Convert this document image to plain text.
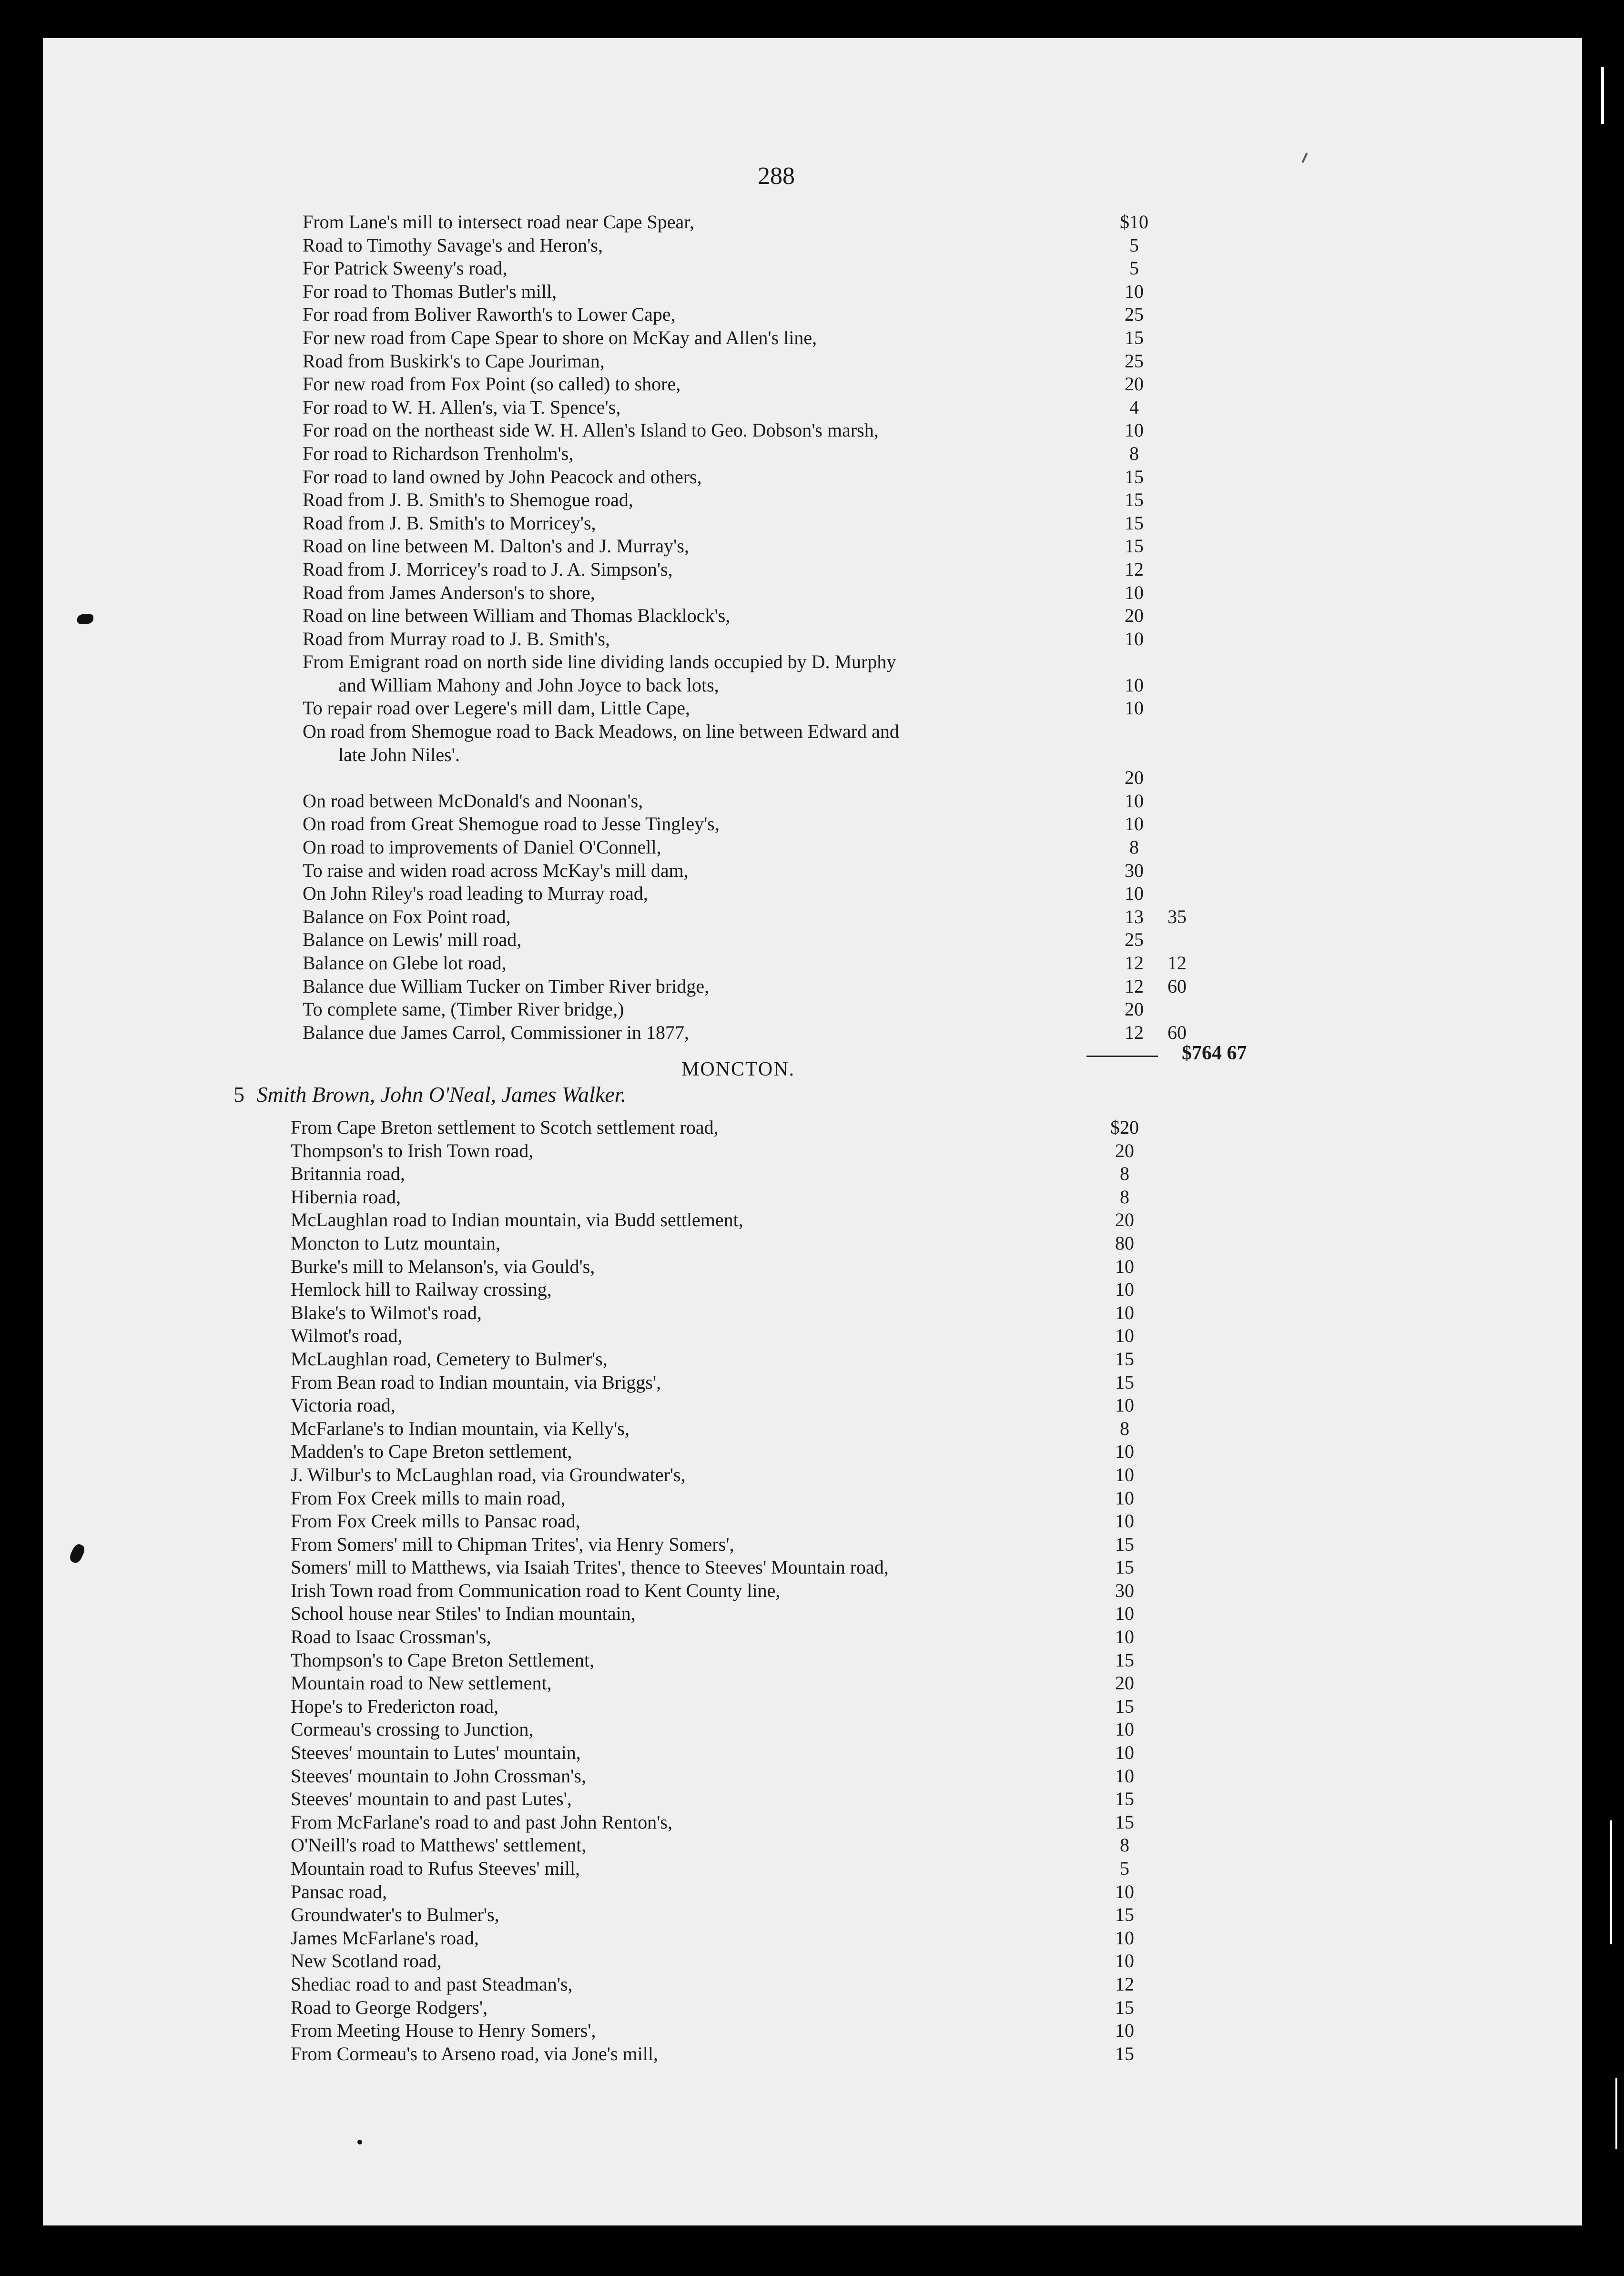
288
From Lane's mill to intersect road near Cape Spear,	$10
Road to Timothy Savage's and Heron's,	5
For Patrick Sweeny's road,	5
For road to Thomas Butler's mill,	10
For road from Boliver Raworth's to Lower Cape,	25
For new road from Cape Spear to shore on McKay and Allen's line,	15
Road from Buskirk's to Cape Jouriman,	25
For new road from Fox Point (so called) to shore,	20
For road to W. H. Allen's, via T. Spence's,	4
For road on the northeast side W. H. Allen's Island to Geo. Dobson's marsh,	10
For road to Richardson Trenholm's,	8
For road to land owned by John Peacock and others,	15
Road from J. B. Smith's to Shemogue road,	15
Road from J. B. Smith's to Morricey's,	15
Road on line between M. Dalton's and J. Murray's,	15
Road from J. Morricey's road to J. A. Simpson's,	12
Road from James Anderson's to shore,	10
Road on line between William and Thomas Blacklock's,	20
Road from Murray road to J. B. Smith's,	10
From Emigrant road on north side line dividing lands occupied by D. Murphy
and William Mahony and John Joyce to back lots,	10
To repair road over Legere's mill dam, Little Cape,	10
On road from Shemogue road to Back Meadows, on line between Edward and
late John Niles'.
20
On road between McDonald's and Noonan's,	10
On road from Great Shemogue road to Jesse Tingley's,	10
On road to improvements of Daniel O'Connell,	8
To raise and widen road across McKay's mill dam,	30
On John Riley's road leading to Murray road,	10
Balance on Fox Point road,	13	35
Balance on Lewis' mill road,	25
Balance on Glebe lot road,	12	12
Balance due William Tucker on Timber River bridge,	12	60
To complete same, (Timber River bridge,)	20
Balance due James Carrol, Commissioner in 1877,	12	60
$764 67
MONCTON.
5 Smith Brown, John O'Neal, James Walker.
From Cape Breton settlement to Scotch settlement road,	$20
Thompson's to Irish Town road,	20
Britannia road,	8
Hibernia road,	8
McLaughlan road to Indian mountain, via Budd settlement,	20
Moncton to Lutz mountain,	80
Burke's mill to Melanson's, via Gould's,	10
Hemlock hill to Railway crossing,	10
Blake's to Wilmot's road,	10
Wilmot's road,	10
McLaughlan road, Cemetery to Bulmer's,	15
From Bean road to Indian mountain, via Briggs',	15
Victoria road,	10
McFarlane's to Indian mountain, via Kelly's,	8
Madden's to Cape Breton settlement,	10
J. Wilbur's to McLaughlan road, via Groundwater's,	10
From Fox Creek mills to main road,	10
From Fox Creek mills to Pansac road,	10
From Somers' mill to Chipman Trites', via Henry Somers',	15
Somers' mill to Matthews, via Isaiah Trites', thence to Steeves' Mountain road,	15
Irish Town road from Communication road to Kent County line,	30
School house near Stiles' to Indian mountain,	10
Road to Isaac Crossman's,	10
Thompson's to Cape Breton Settlement,	15
Mountain road to New settlement,	20
Hope's to Fredericton road,	15
Cormeau's crossing to Junction,	10
Steeves' mountain to Lutes' mountain,	10
Steeves' mountain to John Crossman's,	10
Steeves' mountain to and past Lutes',	15
From McFarlane's road to and past John Renton's,	15
O'Neill's road to Matthews' settlement,	8
Mountain road to Rufus Steeves' mill,	5
Pansac road,	10
Groundwater's to Bulmer's,	15
James McFarlane's road,	10
New Scotland road,	10
Shediac road to and past Steadman's,	12
Road to George Rodgers',	15
From Meeting House to Henry Somers',	10
From Cormeau's to Arseno road, via Jone's mill,	15
